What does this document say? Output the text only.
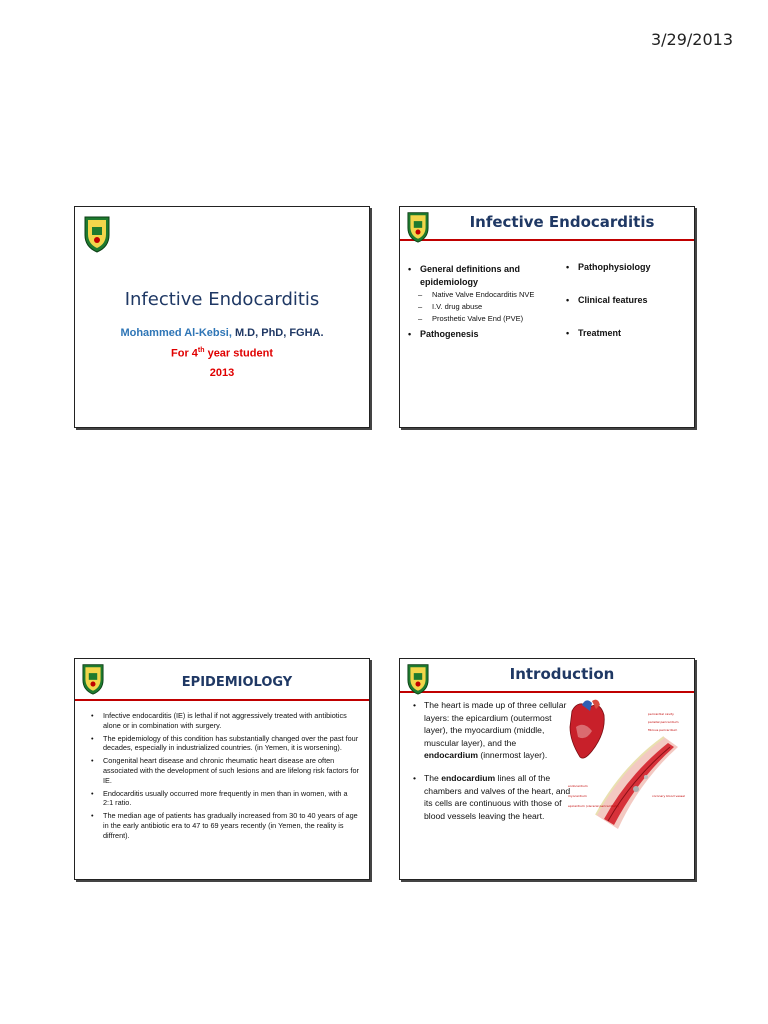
3/29/2013
Infective Endocarditis
Mohammed Al-Kebsi, M.D, PhD, FGHA.
For 4th year student
2013
Infective Endocarditis
• General definitions and epidemiology
– Native Valve Endocarditis NVE
– I.V. drug abuse
– Prosthetic Valve End (PVE)
• Pathogenesis
• Pathophysiology
• Clinical features
• Treatment
EPIDEMIOLOGY
• Infective endocarditis (IE) is lethal if not aggressively treated with antibiotics alone or in combination with surgery.
• The epidemiology of this condition has substantially changed over the past four decades, especially in industrialized countries. (in Yemen, it is worsening).
• Congenital heart disease and chronic rheumatic heart disease are often associated with the development of such lesions and are lifelong risk factors for IE.
• Endocarditis usually occurred more frequently in men than in women, with a 2:1 ratio.
• The median age of patients has gradually increased from 30 to 40 years of age in the early antibiotic era to 47 to 69 years recently (in Yemen, the reality is diffrent).
Introduction
• The heart is made up of three cellular layers: the epicardium (outermost layer), the myocardium (middle, muscular layer), and the endocardium (innermost layer).
• The endocardium lines all of the chambers and valves of the heart, and its cells are continuous with those of blood vessels leaving the heart.
endocardium
myocardium
epicardium (visceral pericardium)
pericardial cavity
parietal pericardium
fibrous pericardium
coronary blood vessel
